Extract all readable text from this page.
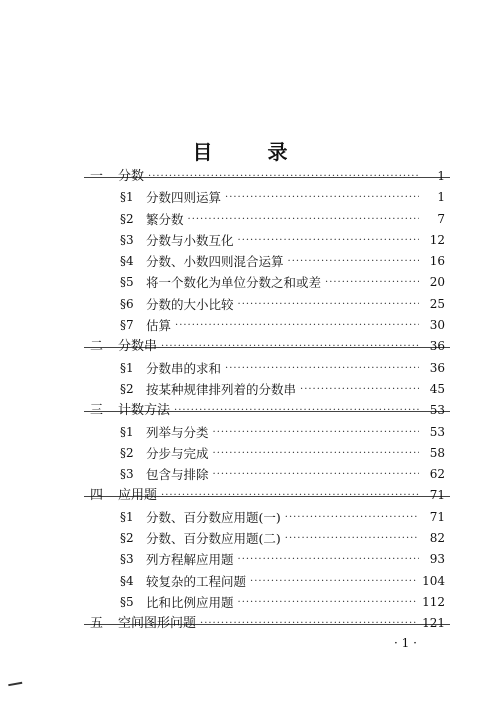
目 录
一	分数 ·····	1
§1 分数四则运算 ·····	1
§2 繁分数 ·····	7
§3 分数与小数互化 ·····	12
§4 分数、小数四则混合运算 ·····	16
§5 将一个数化为单位分数之和或差 ·····	20
§6 分数的大小比较 ·····	25
§7 估算 ·····	30
二	分数串 ·····	36
§1 分数串的求和 ·····	36
§2 按某种规律排列着的分数串 ·····	45
三	计数方法 ·····	53
§1 列举与分类 ·····	53
§2 分步与完成 ·····	58
§3 包含与排除 ·····	62
四	应用题 ·····	71
§1 分数、百分数应用题(一) ·····	71
§2 分数、百分数应用题(二) ·····	82
§3 列方程解应用题 ·····	93
§4 较复杂的工程问题 ·····	104
§5 比和比例应用题 ·····	112
五	空间图形问题 ·····	121
· 1 ·
